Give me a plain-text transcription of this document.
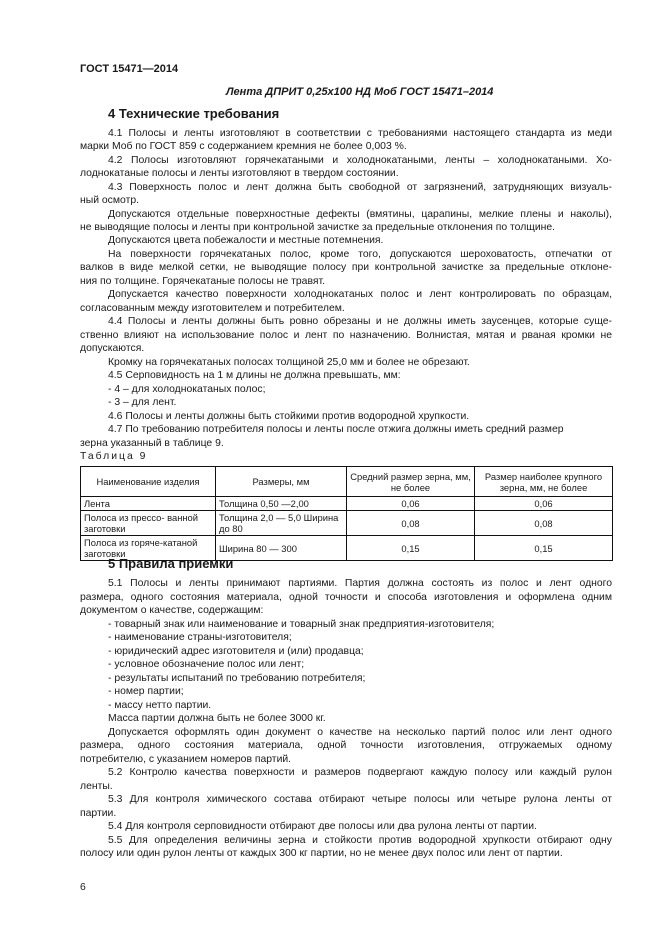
ГОСТ 15471—2014
Лента ДПРИТ 0,25х100 НД Моб ГОСТ 15471–2014
4 Технические требования
4.1 Полосы и ленты изготовляют в соответствии с требованиями настоящего стандарта из меди
марки Моб по ГОСТ 859 с содержанием кремния не более 0,003 %.
4.2 Полосы изготовляют горячекатаными и холоднокатаными, ленты – холоднокатаными. Хо-
лоднокатаные полосы и ленты изготовляют в твердом состоянии.
4.3 Поверхность полос и лент должна быть свободной от загрязнений, затрудняющих визуаль-
ный осмотр.
Допускаются отдельные поверхностные дефекты (вмятины, царапины, мелкие плены и наколы),
не выводящие полосы и ленты при контрольной зачистке за предельные отклонения по толщине.
Допускаются цвета побежалости и местные потемнения.
На поверхности горячекатаных полос, кроме того, допускаются шероховатость, отпечатки от
валков в виде мелкой сетки, не выводящие полосу при контрольной зачистке за предельные отклоне-
ния по толщине. Горячекатаные полосы не травят.
Допускается качество поверхности холоднокатаных полос и лент контролировать по образцам,
согласованным между изготовителем и потребителем.
4.4 Полосы и ленты должны быть ровно обрезаны и не должны иметь заусенцев, которые суще-
ственно влияют на использование полос и лент по назначению. Волнистая, мятая и рваная кромки не
допускаются.
Кромку на горячекатаных полосах толщиной 25,0 мм и более не обрезают.
4.5 Серповидность на 1 м длины не должна превышать, мм:
- 4 – для холоднокатаных полос;
- 3 – для лент.
4.6 Полосы и ленты должны быть стойкими против водородной хрупкости.
4.7 По требованию потребителя полосы и ленты после отжига должны иметь средний размер
зерна указанный в таблице 9.
Таблица 9
Наименование изделия	Размеры, мм	Средний размер зерна, мм, не более	Размер наиболее крупного зерна, мм, не более
Лента	Толщина 0,50 —2,00	0,06	0,06
Полоса из прессо- ванной заготовки	Толщина 2,0 — 5,0 Ширина до 80	0,08	0,08
Полоса из горяче-катаной заготовки	Ширина 80 — 300	0,15	0,15
5 Правила приемки
5.1 Полосы и ленты принимают партиями. Партия должна состоять из полос и лент одного
размера, одного состояния материала, одной точности и способа изготовления и оформлена одним
документом о качестве, содержащим:
- товарный знак или наименование и товарный знак предприятия-изготовителя;
- наименование страны-изготовителя;
- юридический адрес изготовителя и (или) продавца;
- условное обозначение полос или лент;
- результаты испытаний по требованию потребителя;
- номер партии;
- массу нетто партии.
Масса партии должна быть не более 3000 кг.
Допускается оформлять один документ о качестве на несколько партий полос или лент одного
размера, одного состояния материала, одной точности изготовления, отгружаемых одному
потребителю, с указанием номеров партий.
5.2 Контролю качества поверхности и размеров подвергают каждую полосу или каждый рулон
ленты.
5.3 Для контроля химического состава отбирают четыре полосы или четыре рулона ленты от
партии.
5.4 Для контроля серповидности отбирают две полосы или два рулона ленты от партии.
5.5 Для определения величины зерна и стойкости против водородной хрупкости отбирают одну
полосу или один рулон ленты от каждых 300 кг партии, но не менее двух полос или лент от партии.
6
